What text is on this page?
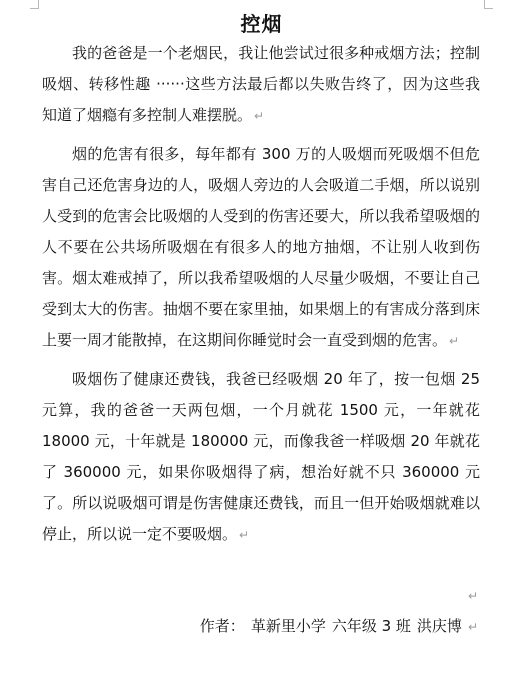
控烟

我的爸爸是一个老烟民，我让他尝试过很多种戒烟方法；控制吸烟、转移性趣 ······这些方法最后都以失败告终了，因为这些我知道了烟瘾有多控制人难摆脱。 ↵

烟的危害有很多，每年都有 300 万的人吸烟而死吸烟不但危害自己还危害身边的人，吸烟人旁边的人会吸道二手烟，所以说别人受到的危害会比吸烟的人受到的伤害还要大，所以我希望吸烟的人不要在公共场所吸烟在有很多人的地方抽烟，不让别人收到伤害。烟太难戒掉了，所以我希望吸烟的人尽量少吸烟，不要让自己受到太大的伤害。抽烟不要在家里抽，如果烟上的有害成分落到床上要一周才能散掉，在这期间你睡觉时会一直受到烟的危害。 ↵

吸烟伤了健康还费钱，我爸已经吸烟 20 年了，按一包烟 25 元算，我的爸爸一天两包烟，一个月就花 1500 元，一年就花 18000 元，十年就是 180000 元，而像我爸一样吸烟 20 年就花了 360000 元，如果你吸烟得了病，想治好就不只 360000 元了。所以说吸烟可谓是伤害健康还费钱，而且一但开始吸烟就难以停止，所以说一定不要吸烟。 ↵

↵
作者： 革新里小学 六年级 3 班 洪庆博 ↵
